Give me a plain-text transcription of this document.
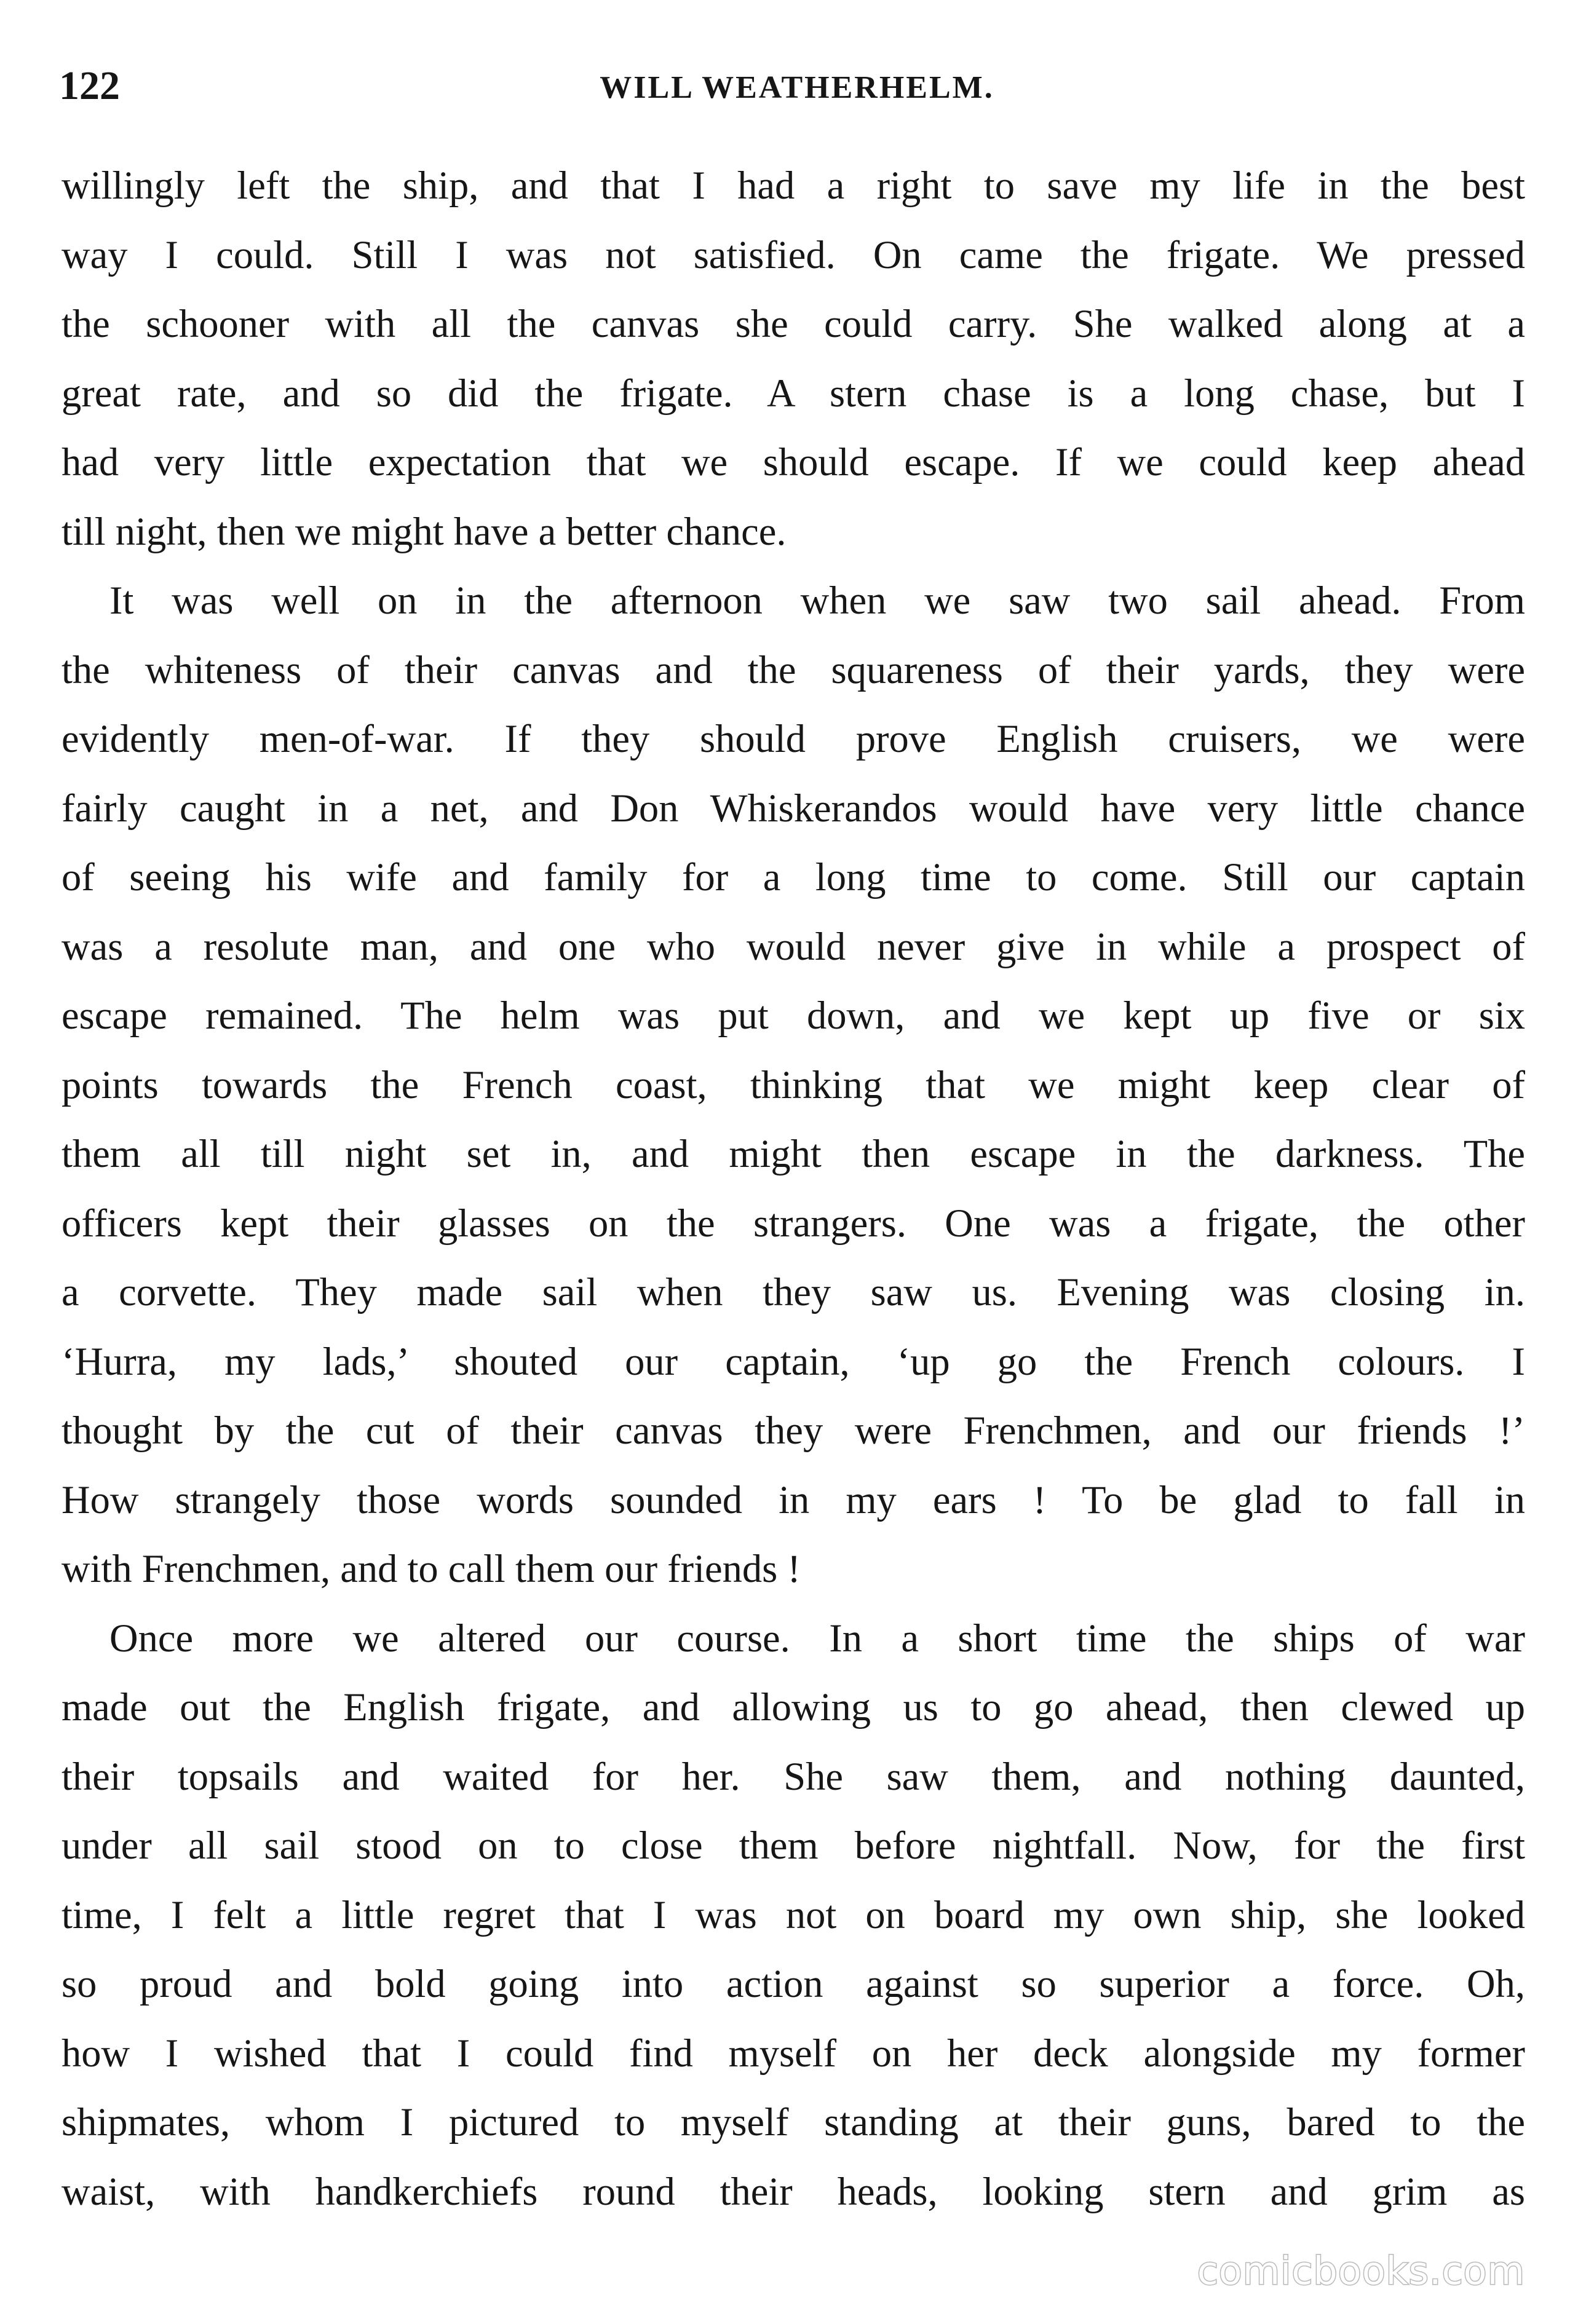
122	WILL WEATHERHELM.
willingly left the ship, and that I had a right to save my life in the best
way I could. Still I was not satisfied. On came the frigate. We pressed
the schooner with all the canvas she could carry. She walked along at a
great rate, and so did the frigate. A stern chase is a long chase, but I
had very little expectation that we should escape. If we could keep ahead
till night, then we might have a better chance.
It was well on in the afternoon when we saw two sail ahead. From
the whiteness of their canvas and the squareness of their yards, they were
evidently men-of-war. If they should prove English cruisers, we were
fairly caught in a net, and Don Whiskerandos would have very little chance
of seeing his wife and family for a long time to come. Still our captain
was a resolute man, and one who would never give in while a prospect of
escape remained. The helm was put down, and we kept up five or six
points towards the French coast, thinking that we might keep clear of
them all till night set in, and might then escape in the darkness. The
officers kept their glasses on the strangers. One was a frigate, the other
a corvette. They made sail when they saw us. Evening was closing in.
‘Hurra, my lads,’ shouted our captain, ‘up go the French colours. I
thought by the cut of their canvas they were Frenchmen, and our friends !’
How strangely those words sounded in my ears ! To be glad to fall in
with Frenchmen, and to call them our friends !
Once more we altered our course. In a short time the ships of war
made out the English frigate, and allowing us to go ahead, then clewed up
their topsails and waited for her. She saw them, and nothing daunted,
under all sail stood on to close them before nightfall. Now, for the first
time, I felt a little regret that I was not on board my own ship, she looked
so proud and bold going into action against so superior a force. Oh,
how I wished that I could find myself on her deck alongside my former
shipmates, whom I pictured to myself standing at their guns, bared to the
waist, with handkerchiefs round their heads, looking stern and grim as
comicbooks.com
